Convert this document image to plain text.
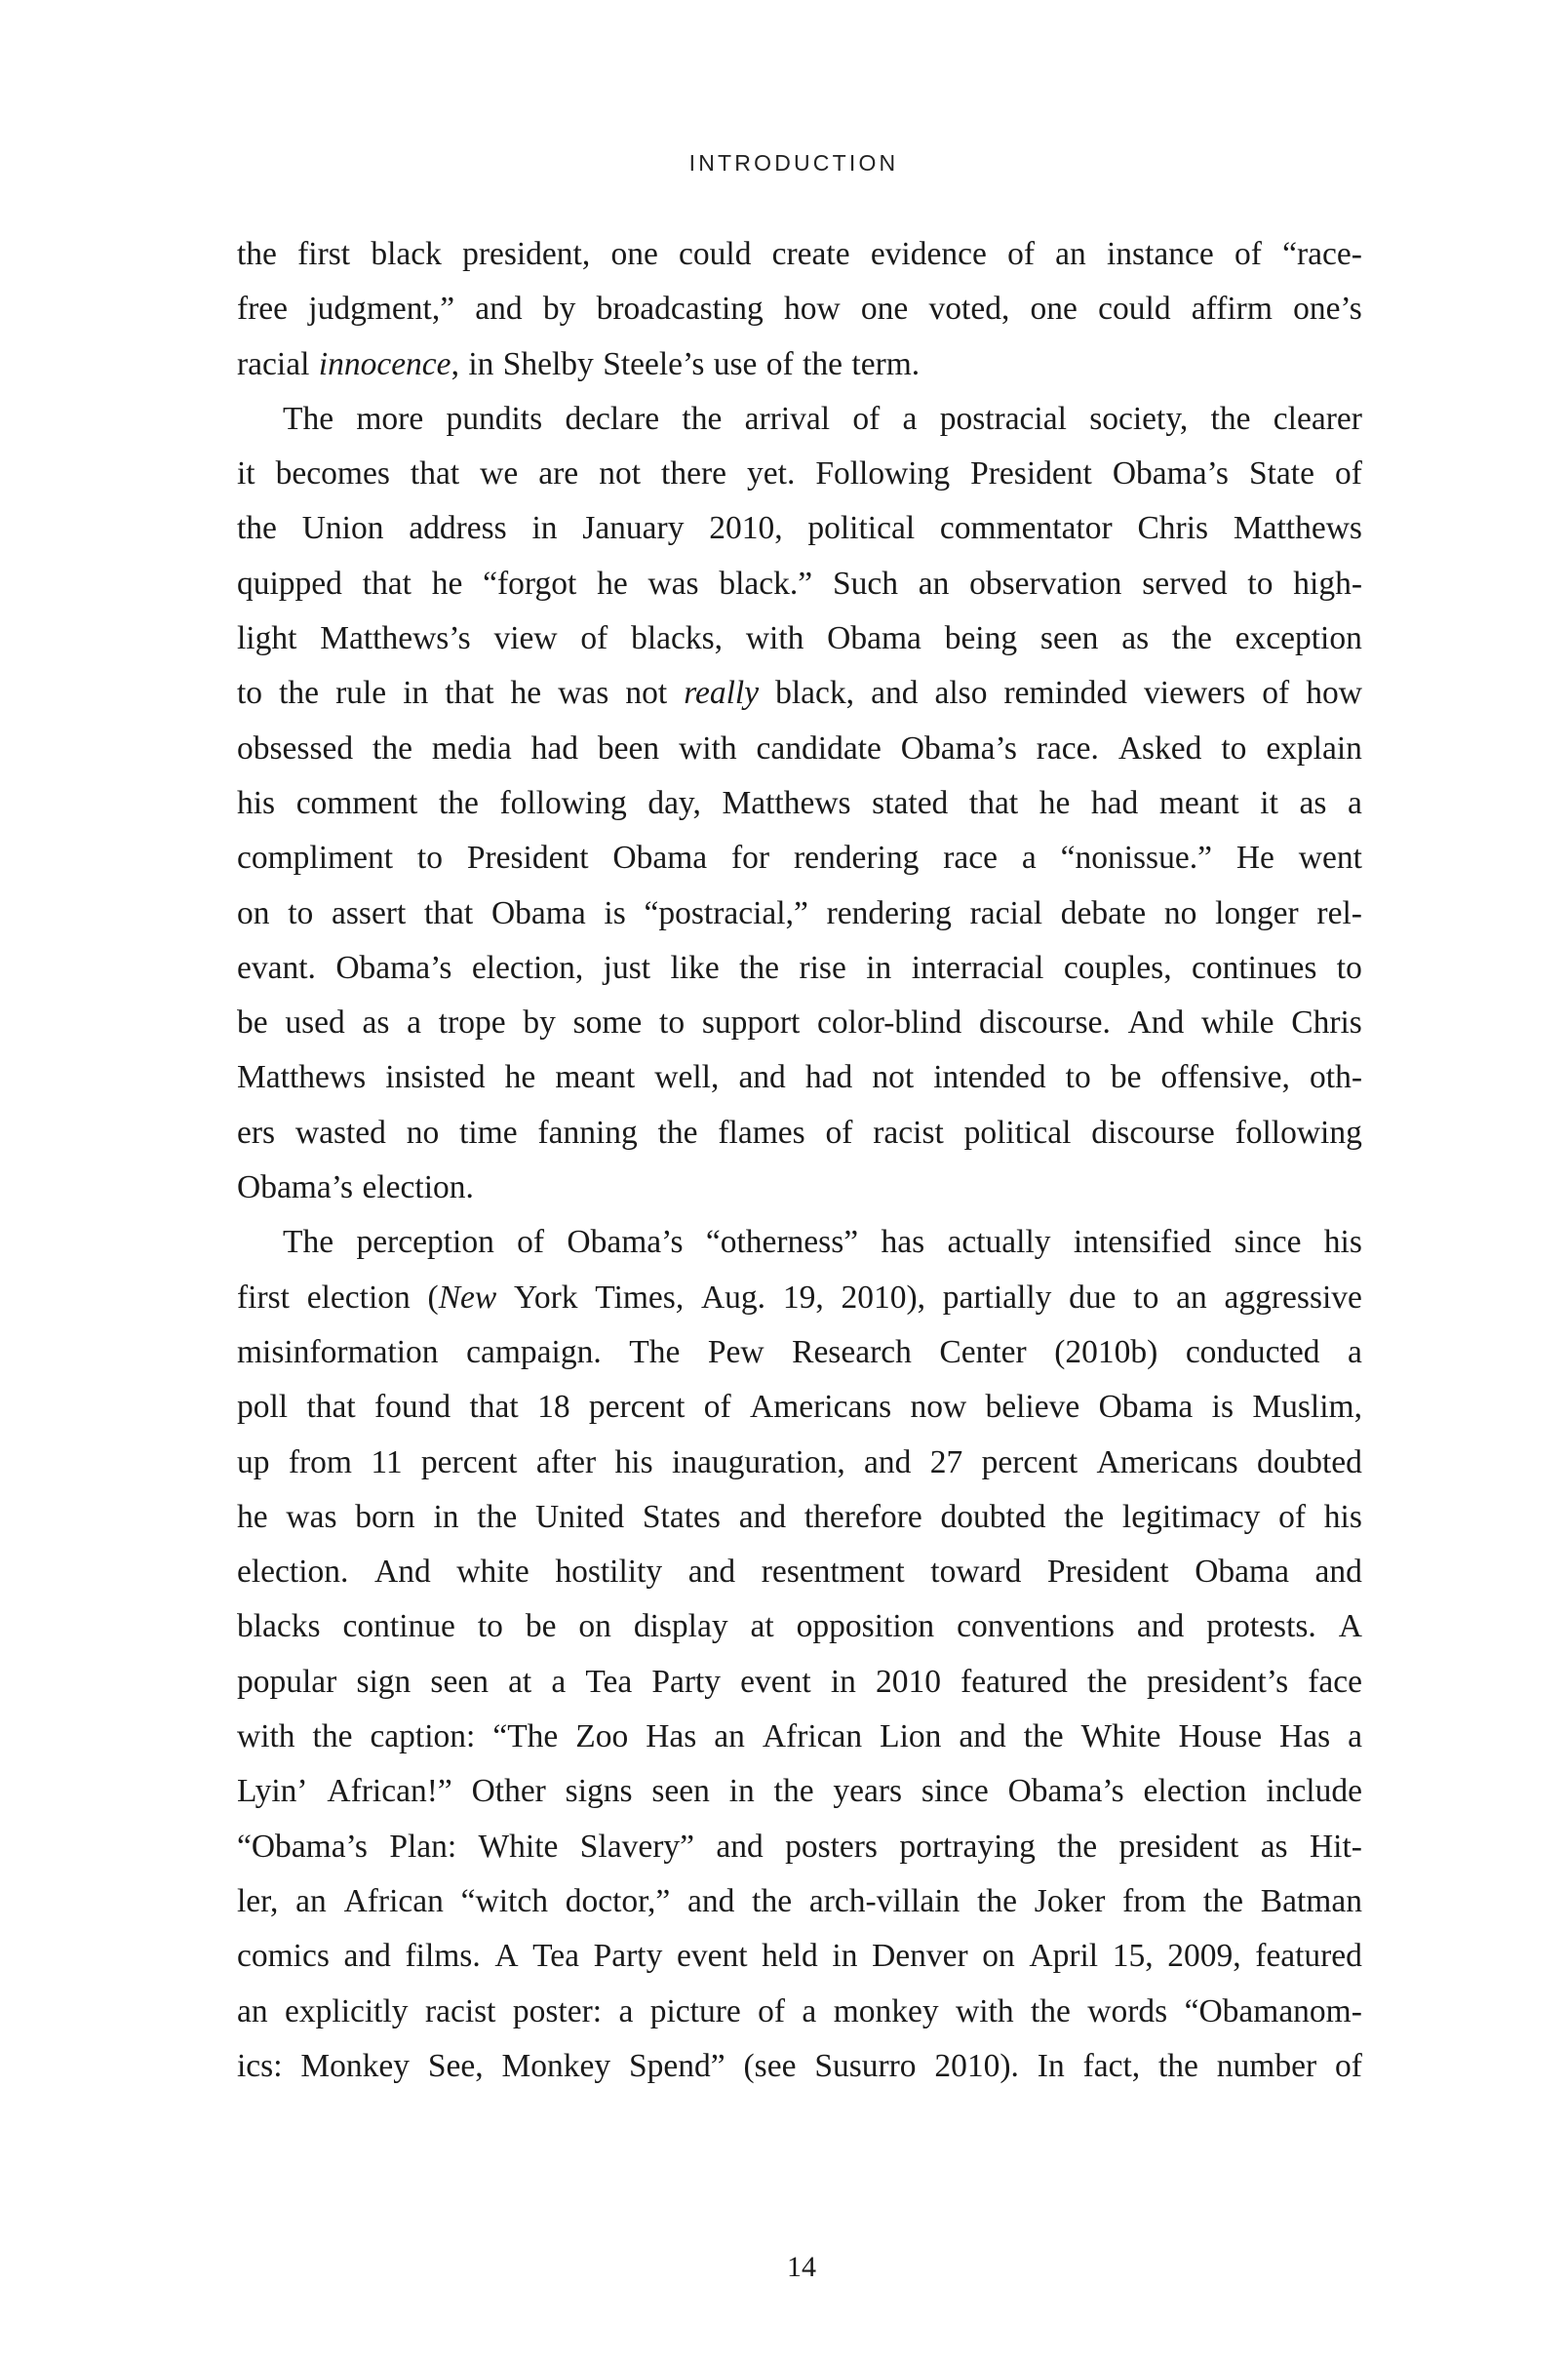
INTRODUCTION
the first black president, one could create evidence of an instance of “race-
free judgment,” and by broadcasting how one voted, one could affirm one’s
racial innocence, in Shelby Steele’s use of the term.
The more pundits declare the arrival of a postracial society, the clearer
it becomes that we are not there yet. Following President Obama’s State of
the Union address in January 2010, political commentator Chris Matthews
quipped that he “forgot he was black.” Such an observation served to high-
light Matthews’s view of blacks, with Obama being seen as the exception
to the rule in that he was not really black, and also reminded viewers of how
obsessed the media had been with candidate Obama’s race. Asked to explain
his comment the following day, Matthews stated that he had meant it as a
compliment to President Obama for rendering race a “nonissue.” He went
on to assert that Obama is “postracial,” rendering racial debate no longer rel-
evant. Obama’s election, just like the rise in interracial couples, continues to
be used as a trope by some to support color-blind discourse. And while Chris
Matthews insisted he meant well, and had not intended to be offensive, oth-
ers wasted no time fanning the flames of racist political discourse following
Obama’s election.
The perception of Obama’s “otherness” has actually intensified since his
first election (New York Times, Aug. 19, 2010), partially due to an aggressive
misinformation campaign. The Pew Research Center (2010b) conducted a
poll that found that 18 percent of Americans now believe Obama is Muslim,
up from 11 percent after his inauguration, and 27 percent Americans doubted
he was born in the United States and therefore doubted the legitimacy of his
election. And white hostility and resentment toward President Obama and
blacks continue to be on display at opposition conventions and protests. A
popular sign seen at a Tea Party event in 2010 featured the president’s face
with the caption: “The Zoo Has an African Lion and the White House Has a
Lyin’ African!” Other signs seen in the years since Obama’s election include
“Obama’s Plan: White Slavery” and posters portraying the president as Hit-
ler, an African “witch doctor,” and the arch-villain the Joker from the Batman
comics and films. A Tea Party event held in Denver on April 15, 2009, featured
an explicitly racist poster: a picture of a monkey with the words “Obamanom-
ics: Monkey See, Monkey Spend” (see Susurro 2010). In fact, the number of
14
